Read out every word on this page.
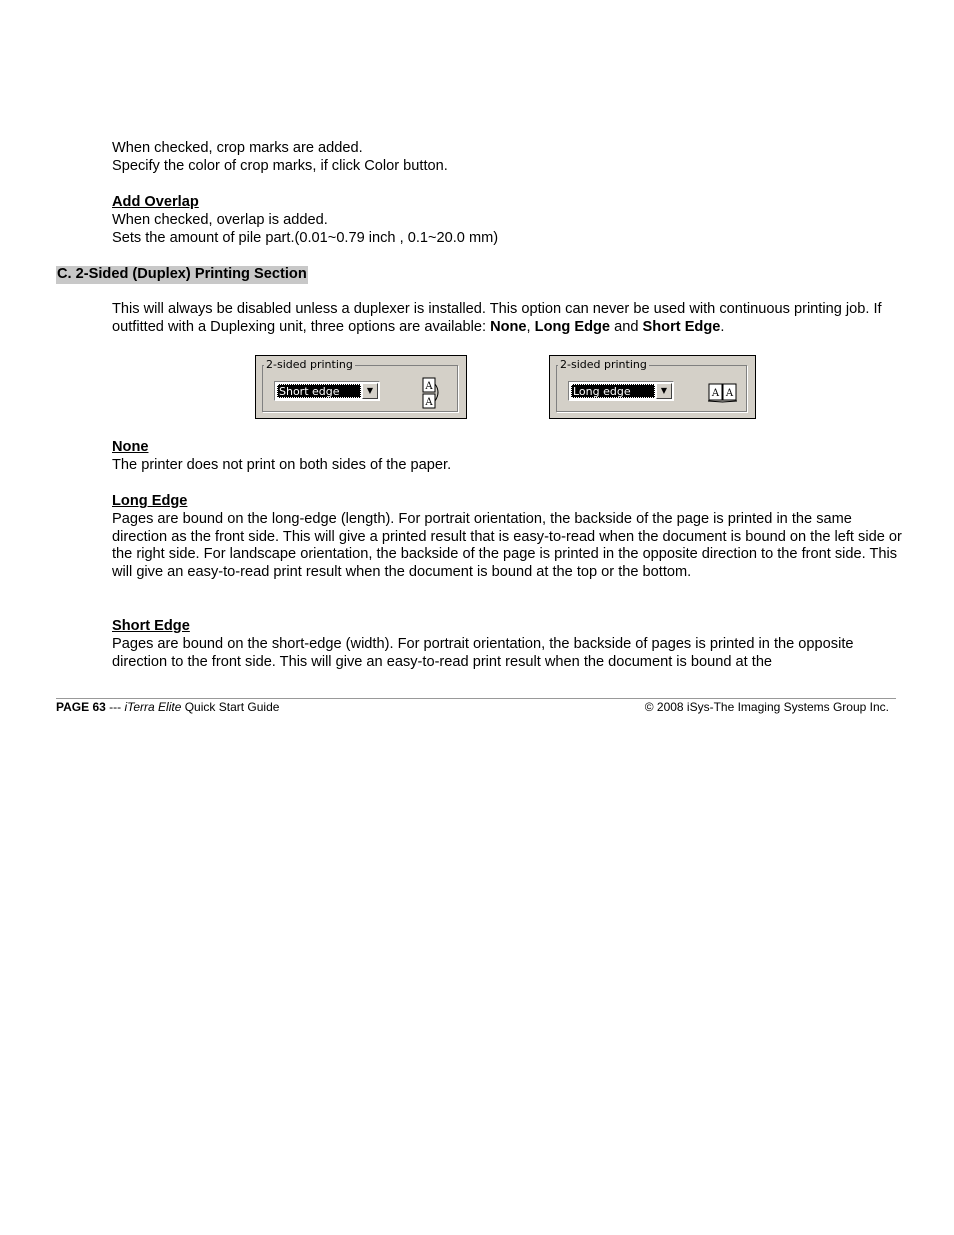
When checked, crop marks are added.
Specify the color of crop marks, if click Color button.
Add Overlap
When checked, overlap is added.
Sets the amount of pile part.(0.01~0.79 inch , 0.1~20.0 mm)
C. 2-Sided (Duplex) Printing Section
This will always be disabled unless a duplexer is installed. This option can never be used with continuous printing job. If outfitted with a Duplexing unit, three options are available: None, Long Edge and Short Edge.
2-sided printing
Short edge	▼	A
A
2-sided printing
Long edge	▼	A A
None
The printer does not print on both sides of the paper.
Long Edge
Pages are bound on the long-edge (length). For portrait orientation, the backside of the page is printed in the same direction as the front side. This will give a printed result that is easy-to-read when the document is bound on the left side or the right side. For landscape orientation, the backside of the page is printed in the opposite direction to the front side. This will give an easy-to-read print result when the document is bound at the top or the bottom.
Short Edge
Pages are bound on the short-edge (width). For portrait orientation, the backside of pages is printed in the opposite direction to the front side. This will give an easy-to-read print result when the document is bound at the
PAGE 63 --- iTerra Elite Quick Start Guide	© 2008 iSys-The Imaging Systems Group Inc.
